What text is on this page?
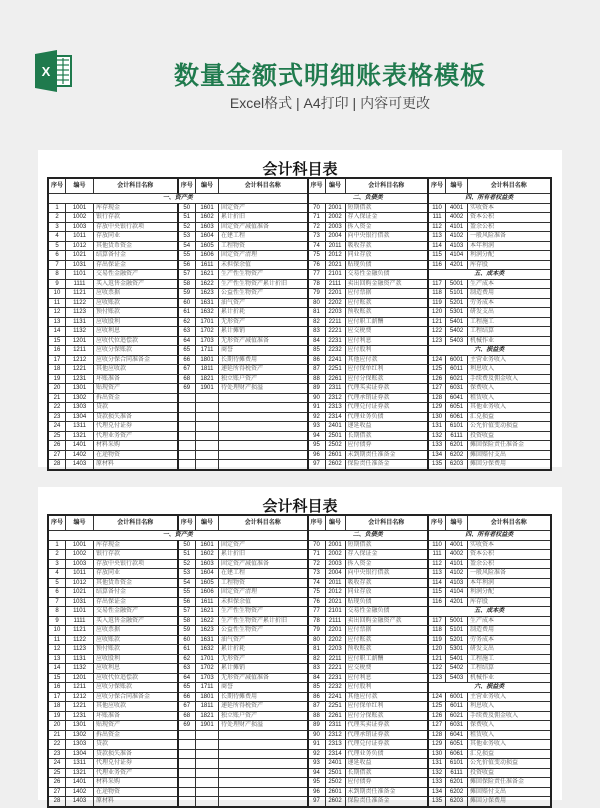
X	数量金额式明细账表格模板
Excel格式 | A4打印 | 内容可更改
会计科目表
序号	编号	会计科目名称	序号	编号	会计科目名称	序号	编号	会计科目名称	序号	编号	会计科目名称
一、资产类						二、负债类			四、所有者权益类		
1	1001	库存现金	50	1601	固定资产	70	2001	短期借款	110	4001	实收资本
2	1002	银行存款	51	1602	累计折旧	71	2002	存入保证金	111	4002	资本公积
3	1003	存放中央银行款项	52	1603	固定资产减值准备	72	2003	拆入资金	112	4101	盈余公积
4	1011	存放同业	53	1604	在建工程	73	2004	向中央银行借款	113	4102	一般风险准备
5	1012	其他货币资金	54	1605	工程物资	74	2011	吸收存款	114	4103	本年利润
6	1021	结算备付金	55	1606	固定资产清理	75	2012	同业存放	115	4104	利润分配
7	1031	存出保证金	56	1611	未担保余值	76	2021	贴现负债	116	4201	库存股
8	1101	交易性金融资产	57	1621	生产性生物资产	77	2101	交易性金融负债	五、成本类		
9	1111	买入返售金融资产	58	1622	生产性生物资产累计折旧	78	2111	卖出回购金融资产款	117	5001	生产成本
10	1121	应收票据	59	1623	公益性生物资产	79	2201	应付票据	118	5101	制造费用
11	1122	应收账款	60	1631	油气资产	80	2202	应付账款	119	5201	劳务成本
12	1123	预付账款	61	1632	累计折耗	81	2203	预收账款	120	5301	研发支出
13	1131	应收股利	62	1701	无形资产	82	2211	应付职工薪酬	121	5401	工程施工
14	1132	应收利息	63	1702	累计摊销	83	2221	应交税费	122	5402	工程结算
15	1201	应收代位追偿款	64	1703	无形资产减值准备	84	2231	应付利息	123	5403	机械作业
16	1211	应收分保账款	65	1711	商誉	85	2232	应付股利	六、损益类		
17	1212	应收分保合同准备金	66	1801	长期待摊费用	86	2241	其他应付款	124	6001	主营业务收入
18	1221	其他应收款	67	1811	递延所得税资产	87	2251	应付保单红利	125	6011	利息收入
19	1231	坏账准备	68	1821	独立账户资产	88	2261	应付分保账款	126	6021	手续费及佣金收入
20	1301	贴现资产	69	1901	待处理财产损溢	89	2311	代理买卖证券款	127	6031	保费收入
21	1302	拆出资金				90	2312	代理承销证券款	128	6041	租赁收入
22	1303	贷款				91	2313	代理兑付证券款	129	6051	其他业务收入
23	1304	贷款损失准备				92	2314	代理业务负债	130	6061	汇兑损益
24	1311	代理兑付证券				93	2401	递延收益	131	6101	公允价值变动损益
25	1321	代理业务资产				94	2501	长期借款	132	6111	投资收益
26	1401	材料采购				95	2502	应付债券	133	6201	摊回保险责任准备金
27	1402	在途物资				96	2601	未到期责任准备金	134	6202	摊回赔付支出
28	1403	原材料				97	2602	保险责任准备金	135	6203	摊回分保费用
会计科目表
序号	编号	会计科目名称	序号	编号	会计科目名称	序号	编号	会计科目名称	序号	编号	会计科目名称
一、资产类						二、负债类			四、所有者权益类		
1	1001	库存现金	50	1601	固定资产	70	2001	短期借款	110	4001	实收资本
2	1002	银行存款	51	1602	累计折旧	71	2002	存入保证金	111	4002	资本公积
3	1003	存放中央银行款项	52	1603	固定资产减值准备	72	2003	拆入资金	112	4101	盈余公积
4	1011	存放同业	53	1604	在建工程	73	2004	向中央银行借款	113	4102	一般风险准备
5	1012	其他货币资金	54	1605	工程物资	74	2011	吸收存款	114	4103	本年利润
6	1021	结算备付金	55	1606	固定资产清理	75	2012	同业存放	115	4104	利润分配
7	1031	存出保证金	56	1611	未担保余值	76	2021	贴现负债	116	4201	库存股
8	1101	交易性金融资产	57	1621	生产性生物资产	77	2101	交易性金融负债	五、成本类		
9	1111	买入返售金融资产	58	1622	生产性生物资产累计折旧	78	2111	卖出回购金融资产款	117	5001	生产成本
10	1121	应收票据	59	1623	公益性生物资产	79	2201	应付票据	118	5101	制造费用
11	1122	应收账款	60	1631	油气资产	80	2202	应付账款	119	5201	劳务成本
12	1123	预付账款	61	1632	累计折耗	81	2203	预收账款	120	5301	研发支出
13	1131	应收股利	62	1701	无形资产	82	2211	应付职工薪酬	121	5401	工程施工
14	1132	应收利息	63	1702	累计摊销	83	2221	应交税费	122	5402	工程结算
15	1201	应收代位追偿款	64	1703	无形资产减值准备	84	2231	应付利息	123	5403	机械作业
16	1211	应收分保账款	65	1711	商誉	85	2232	应付股利	六、损益类		
17	1212	应收分保合同准备金	66	1801	长期待摊费用	86	2241	其他应付款	124	6001	主营业务收入
18	1221	其他应收款	67	1811	递延所得税资产	87	2251	应付保单红利	125	6011	利息收入
19	1231	坏账准备	68	1821	独立账户资产	88	2261	应付分保账款	126	6021	手续费及佣金收入
20	1301	贴现资产	69	1901	待处理财产损溢	89	2311	代理买卖证券款	127	6031	保费收入
21	1302	拆出资金				90	2312	代理承销证券款	128	6041	租赁收入
22	1303	贷款				91	2313	代理兑付证券款	129	6051	其他业务收入
23	1304	贷款损失准备				92	2314	代理业务负债	130	6061	汇兑损益
24	1311	代理兑付证券				93	2401	递延收益	131	6101	公允价值变动损益
25	1321	代理业务资产				94	2501	长期借款	132	6111	投资收益
26	1401	材料采购				95	2502	应付债券	133	6201	摊回保险责任准备金
27	1402	在途物资				96	2601	未到期责任准备金	134	6202	摊回赔付支出
28	1403	原材料				97	2602	保险责任准备金	135	6203	摊回分保费用
